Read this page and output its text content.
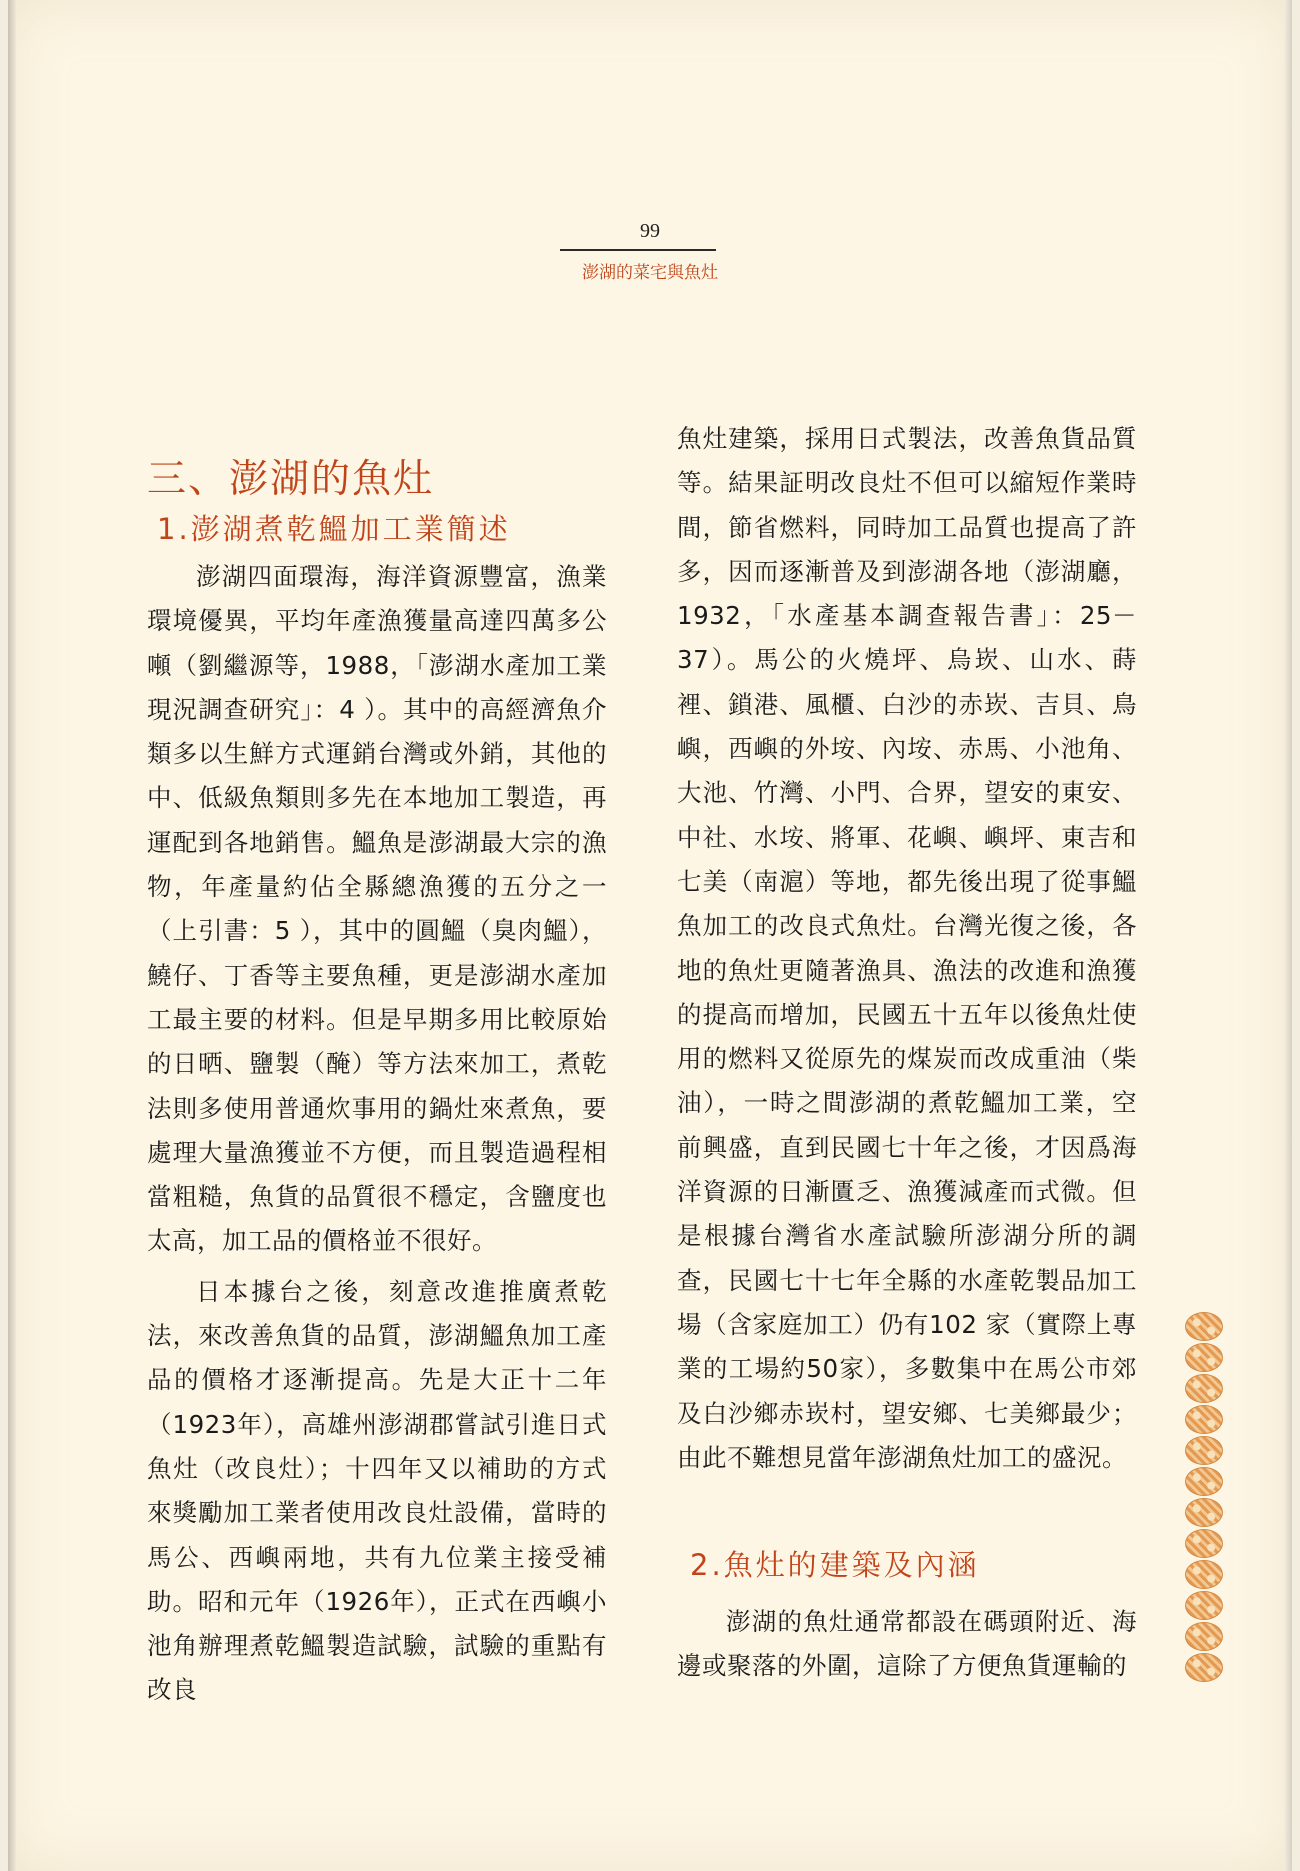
99
澎湖的菜宅與魚灶
三、澎湖的魚灶
1.澎湖煮乾鰮加工業簡述

澎湖四面環海，海洋資源豐富，漁業環境優異，平均年產漁獲量高達四萬多公噸（劉繼源等，1988，「澎湖水產加工業現況調查研究」：4 ）。其中的高經濟魚介類多以生鮮方式運銷台灣或外銷，其他的中、低級魚類則多先在本地加工製造，再運配到各地銷售。鰮魚是澎湖最大宗的漁物，年產量約佔全縣總漁獲的五分之一（上引書：5 ），其中的圓鰮（臭肉鰮），鱙仔、丁香等主要魚種，更是澎湖水產加工最主要的材料。但是早期多用比較原始的日晒、鹽製（醃）等方法來加工，煮乾法則多使用普通炊事用的鍋灶來煮魚，要處理大量漁獲並不方便，而且製造過程相當粗糙，魚貨的品質很不穩定，含鹽度也太高，加工品的價格並不很好。

日本據台之後，刻意改進推廣煮乾法，來改善魚貨的品質，澎湖鰮魚加工產品的價格才逐漸提高。先是大正十二年（1923年），高雄州澎湖郡嘗試引進日式魚灶（改良灶）；十四年又以補助的方式來獎勵加工業者使用改良灶設備，當時的馬公、西嶼兩地，共有九位業主接受補助。昭和元年（1926年），正式在西嶼小池角辦理煮乾鰮製造試驗，試驗的重點有改良

魚灶建築，採用日式製法，改善魚貨品質等。結果証明改良灶不但可以縮短作業時間，節省燃料，同時加工品質也提高了許多，因而逐漸普及到澎湖各地（澎湖廳，1932，「水產基本調查報告書」：25－37）。馬公的火燒坪、烏崁、山水、蒔裡、鎖港、風櫃、白沙的赤崁、吉貝、鳥嶼，西嶼的外垵、內垵、赤馬、小池角、大池、竹灣、小門、合界，望安的東安、中社、水垵、將軍、花嶼、嶼坪、東吉和七美（南滬）等地，都先後出現了從事鰮魚加工的改良式魚灶。台灣光復之後，各地的魚灶更隨著漁具、漁法的改進和漁獲的提高而增加，民國五十五年以後魚灶使用的燃料又從原先的煤炭而改成重油（柴油），一時之間澎湖的煮乾鰮加工業，空前興盛，直到民國七十年之後，才因爲海洋資源的日漸匱乏、漁獲減產而式微。但是根據台灣省水產試驗所澎湖分所的調查，民國七十七年全縣的水產乾製品加工場（含家庭加工）仍有102 家（實際上專業的工場約50家），多數集中在馬公市郊及白沙鄉赤崁村，望安鄉、七美鄉最少；由此不難想見當年澎湖魚灶加工的盛況。

2.魚灶的建築及內涵

澎湖的魚灶通常都設在碼頭附近、海邊或聚落的外圍，這除了方便魚貨運輸的
